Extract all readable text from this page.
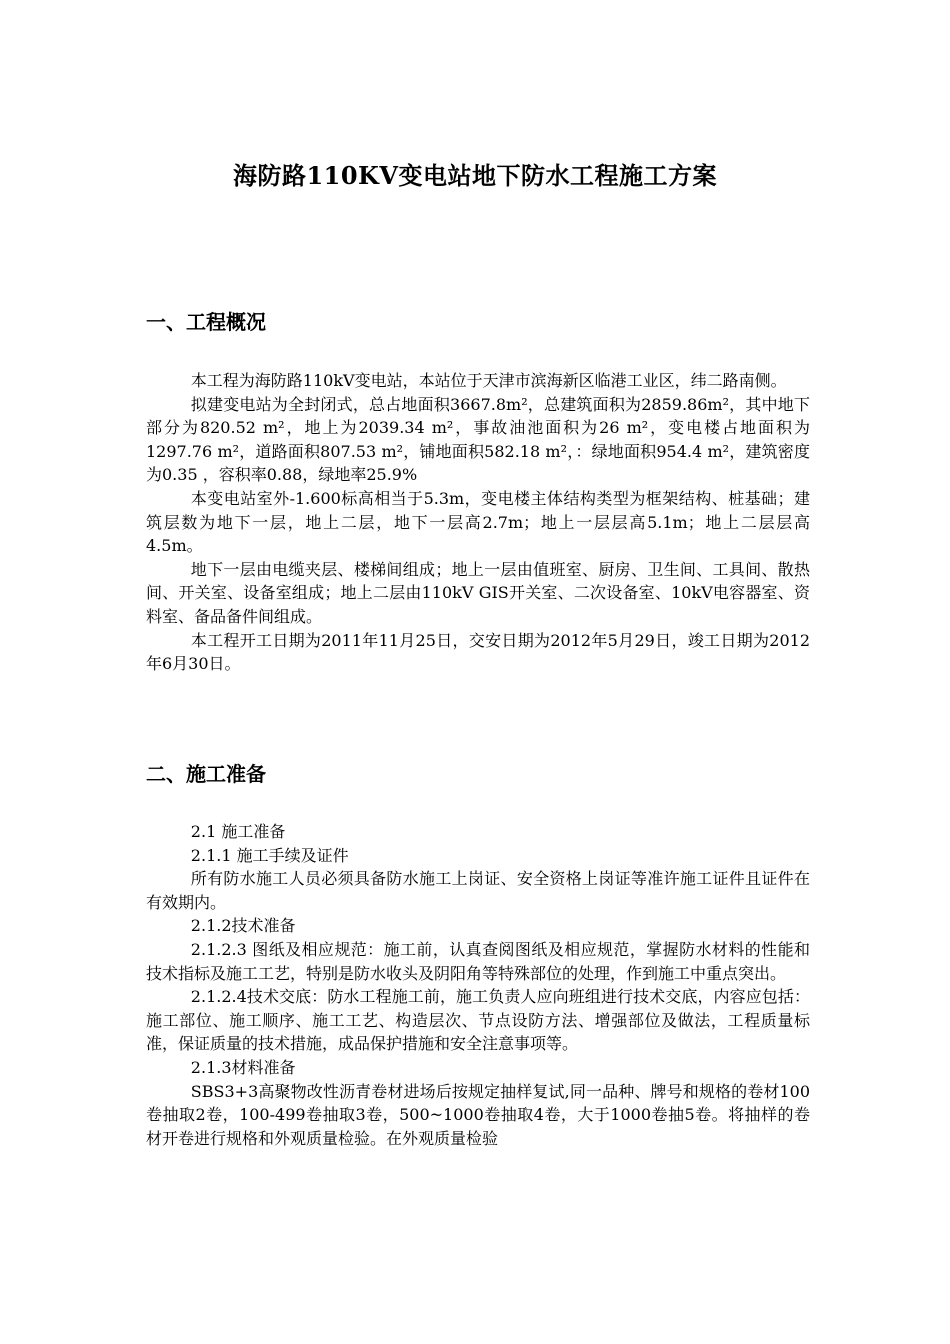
海防路110KV变电站地下防水工程施工方案
一、工程概况

本工程为海防路110kV变电站，本站位于天津市滨海新区临港工业区，纬二路南侧。

拟建变电站为全封闭式，总占地面积3667.8m²，总建筑面积为2859.86m²，其中地下部分为820.52 m²，地上为2039.34 m²，事故油池面积为26 m²，变电楼占地面积为1297.76 m²，道路面积807.53 m²，铺地面积582.18 m²，：绿地面积954.4 m²，建筑密度为0.35 ，容积率0.88，绿地率25.9%

本变电站室外-1.600标高相当于5.3m，变电楼主体结构类型为框架结构、桩基础；建筑层数为地下一层，地上二层，地下一层高2.7m；地上一层层高5.1m；地上二层层高4.5m。

地下一层由电缆夹层、楼梯间组成；地上一层由值班室、厨房、卫生间、工具间、散热间、开关室、设备室组成；地上二层由110kV GIS开关室、二次设备室、10kV电容器室、资料室、备品备件间组成。

本工程开工日期为2011年11月25日，交安日期为2012年5月29日，竣工日期为2012年6月30日。

二、施工准备

2.1 施工准备

2.1.1 施工手续及证件

所有防水施工人员必须具备防水施工上岗证、安全资格上岗证等准许施工证件且证件在有效期内。

2.1.2技术准备

2.1.2.3 图纸及相应规范：施工前，认真查阅图纸及相应规范，掌握防水材料的性能和技术指标及施工工艺，特别是防水收头及阴阳角等特殊部位的处理，作到施工中重点突出。

2.1.2.4技术交底：防水工程施工前，施工负责人应向班组进行技术交底，内容应包括：施工部位、施工顺序、施工工艺、构造层次、节点设防方法、增强部位及做法，工程质量标准，保证质量的技术措施，成品保护措施和安全注意事项等。

2.1.3材料准备

SBS3+3高聚物改性沥青卷材进场后按规定抽样复试,同一品种、牌号和规格的卷材100卷抽取2卷，100-499卷抽取3卷，500~1000卷抽取4卷，大于1000卷抽5卷。将抽样的卷材开卷进行规格和外观质量检验。在外观质量检验
